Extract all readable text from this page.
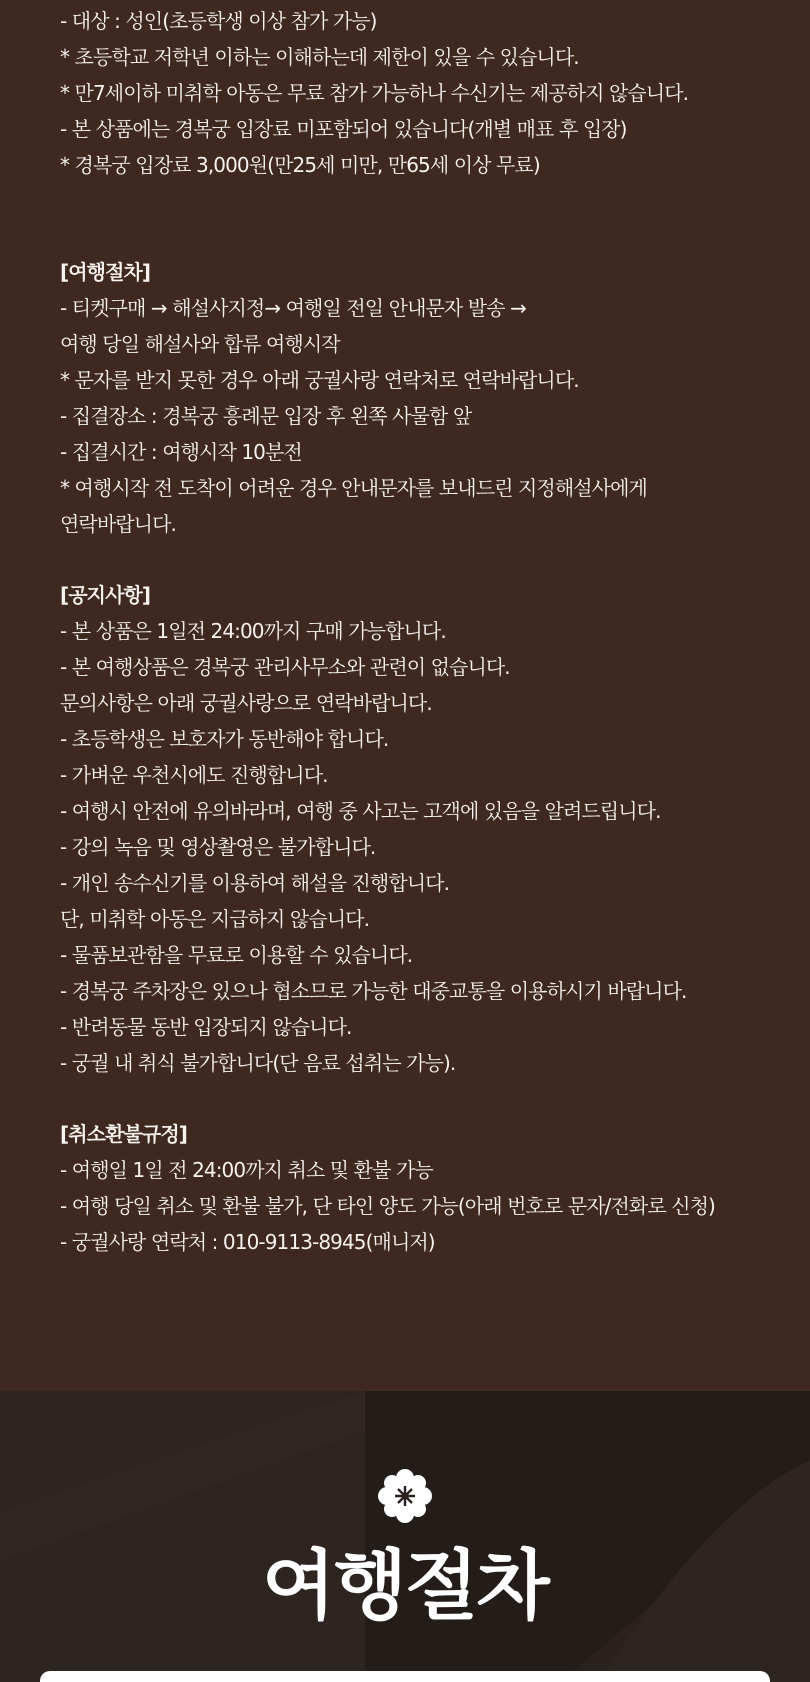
- 대상 : 성인(초등학생 이상 참가 가능)
* 초등학교 저학년 이하는 이해하는데 제한이 있을 수 있습니다.
* 만7세이하 미취학 아동은 무료 참가 가능하나 수신기는 제공하지 않습니다.
- 본 상품에는 경복궁 입장료 미포함되어 있습니다(개별 매표 후 입장)
* 경복궁 입장료 3,000원(만25세 미만, 만65세 이상 무료)
[여행절차]
- 티켓구매 → 해설사지정→ 여행일 전일 안내문자 발송 →
여행 당일 해설사와 합류 여행시작
* 문자를 받지 못한 경우 아래 궁궐사랑 연락처로 연락바랍니다.
- 집결장소 : 경복궁 흥례문 입장 후 왼쪽 사물함 앞
- 집결시간 : 여행시작 10분전
* 여행시작 전 도착이 어려운 경우 안내문자를 보내드린 지정해설사에게
연락바랍니다.
[공지사항]
- 본 상품은 1일전 24:00까지 구매 가능합니다.
- 본 여행상품은 경복궁 관리사무소와 관련이 없습니다.
문의사항은 아래 궁궐사랑으로 연락바랍니다.
- 초등학생은 보호자가 동반해야 합니다.
- 가벼운 우천시에도 진행합니다.
- 여행시 안전에 유의바라며, 여행 중 사고는 고객에 있음을 알려드립니다.
- 강의 녹음 및 영상촬영은 불가합니다.
- 개인 송수신기를 이용하여 해설을 진행합니다.
단, 미취학 아동은 지급하지 않습니다.
- 물품보관함을 무료로 이용할 수 있습니다.
- 경복궁 주차장은 있으나 협소므로 가능한 대중교통을 이용하시기 바랍니다.
- 반려동물 동반 입장되지 않습니다.
- 궁궐 내 취식 불가합니다(단 음료 섭취는 가능).
[취소환불규정]
- 여행일 1일 전 24:00까지 취소 및 환불 가능
- 여행 당일 취소 및 환불 불가, 단 타인 양도 가능(아래 번호로 문자/전화로 신청)
- 궁궐사랑 연락처 : 010-9113-8945(매니저)
여행절차
